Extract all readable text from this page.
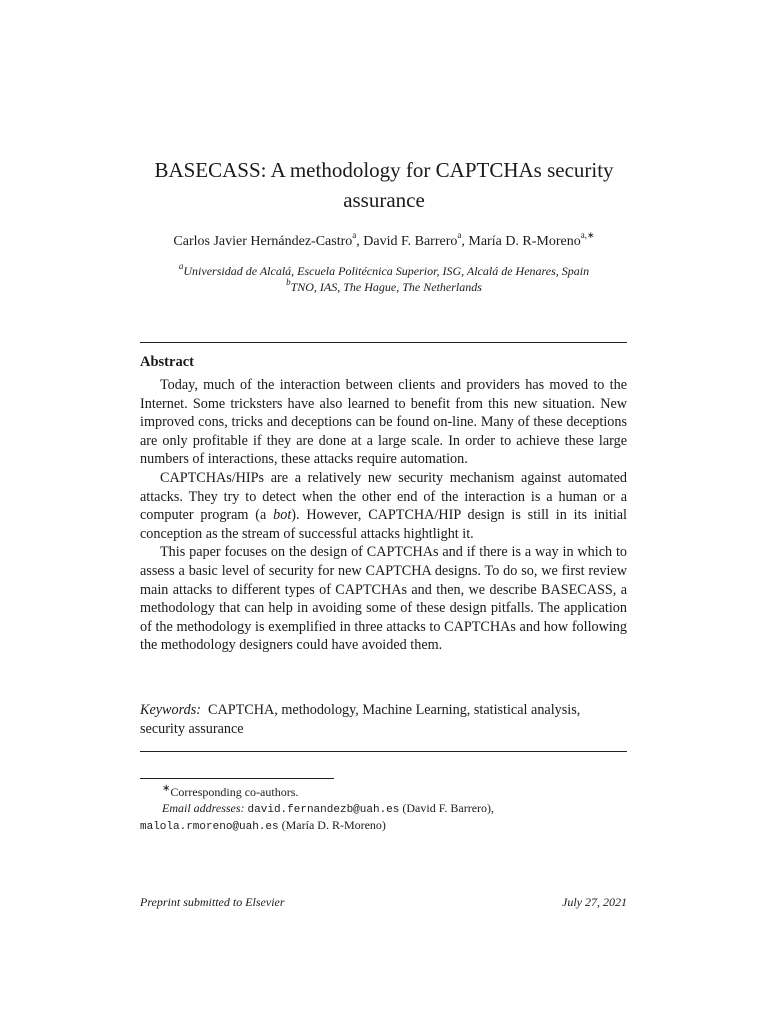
BASECASS: A methodology for CAPTCHAs security assurance
Carlos Javier Hernández-Castro$^a$, David F. Barrero$^a$, María D. R-Moreno$^{a,∗}$
$^a$Universidad de Alcalá, Escuela Politécnica Superior, ISG, Alcalá de Henares, Spain
$^b$TNO, IAS, The Hague, The Netherlands
Abstract

Today, much of the interaction between clients and providers has moved to the Internet. Some tricksters have also learned to benefit from this new situation. New improved cons, tricks and deceptions can be found on-line. Many of these deceptions are only profitable if they are done at a large scale. In order to achieve these large numbers of interactions, these attacks require automation.

CAPTCHAs/HIPs are a relatively new security mechanism against automated attacks. They try to detect when the other end of the interaction is a human or a computer program (a bot). However, CAPTCHA/HIP design is still in its initial conception as the stream of successful attacks hightlight it.

This paper focuses on the design of CAPTCHAs and if there is a way in which to assess a basic level of security for new CAPTCHA designs. To do so, we first review main attacks to different types of CAPTCHAs and then, we describe BASECASS, a methodology that can help in avoiding some of these design pitfalls. The application of the methodology is exemplified in three attacks to CAPTCHAs and how following the methodology designers could have avoided them.

Keywords: CAPTCHA, methodology, Machine Learning, statistical analysis, security assurance
∗Corresponding co-authors.
Email addresses: david.fernandezb@uah.es (David F. Barrero),
malola.rmoreno@uah.es (María D. R-Moreno)
Preprint submitted to Elsevier	July 27, 2021
